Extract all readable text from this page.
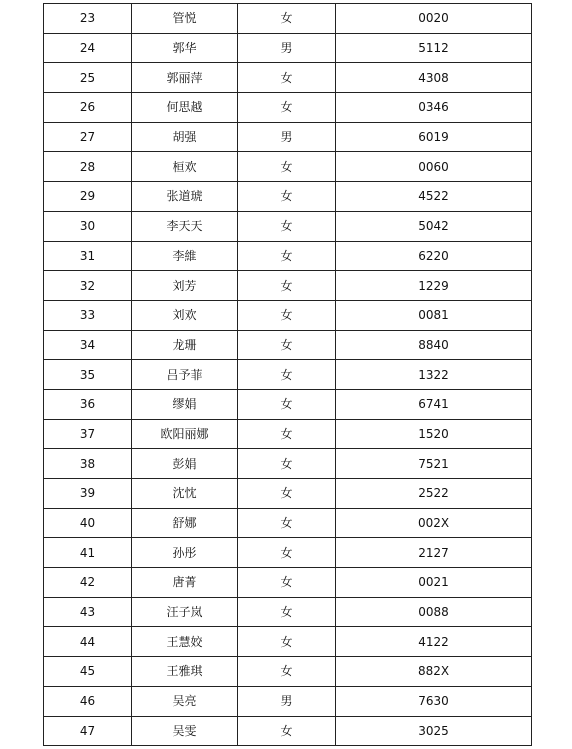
23	管悦	女	0020
24	郭华	男	5112
25	郭丽萍	女	4308
26	何思越	女	0346
27	胡强	男	6019
28	桓欢	女	0060
29	张道琥	女	4522
30	李天天	女	5042
31	李維	女	6220
32	刘芳	女	1229
33	刘欢	女	0081
34	龙珊	女	8840
35	吕予菲	女	1322
36	缪娟	女	6741
37	欧阳丽娜	女	1520
38	彭娟	女	7521
39	沈忱	女	2522
40	舒娜	女	002X
41	孙彤	女	2127
42	唐菁	女	0021
43	汪子岚	女	0088
44	王慧姣	女	4122
45	王雅琪	女	882X
46	吴亮	男	7630
47	吴雯	女	3025
